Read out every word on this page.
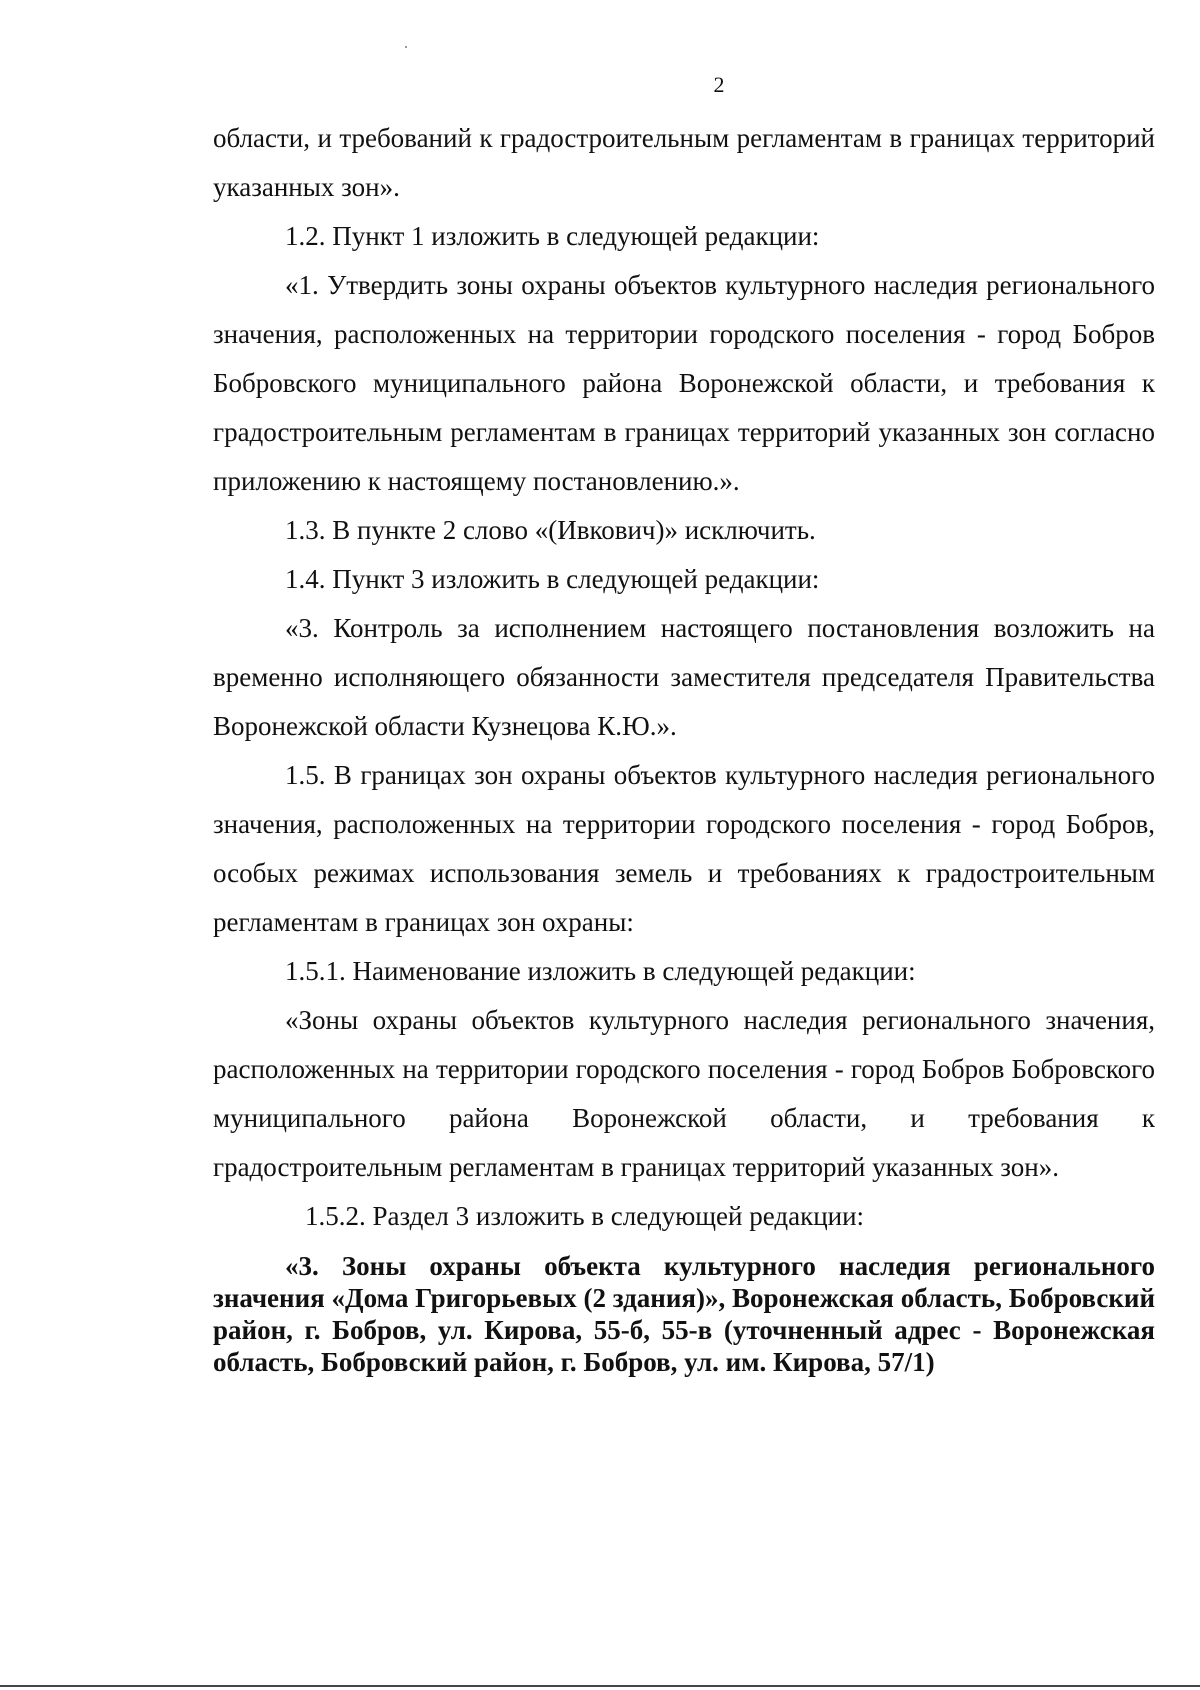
2

области, и требований к градостроительным регламентам в границах территорий указанных зон».

1.2. Пункт 1 изложить в следующей редакции:

«1. Утвердить зоны охраны объектов культурного наследия регионального значения, расположенных на территории городского поселения - город Бобров Бобровского муниципального района Воронежской области, и требования к градостроительным регламентам в границах территорий указанных зон согласно приложению к настоящему постановлению.».

1.3. В пункте 2 слово «(Ивкович)» исключить.

1.4. Пункт 3 изложить в следующей редакции:

«3. Контроль за исполнением настоящего постановления возложить на временно исполняющего обязанности заместителя председателя Правительства Воронежской области Кузнецова К.Ю.».

1.5. В границах зон охраны объектов культурного наследия регионального значения, расположенных на территории городского поселения - город Бобров, особых режимах использования земель и требованиях к градостроительным регламентам в границах зон охраны:

1.5.1. Наименование изложить в следующей редакции:

«Зоны охраны объектов культурного наследия регионального значения, расположенных на территории городского поселения - город Бобров Бобровского муниципального района Воронежской области, и требования к градостроительным регламентам в границах территорий указанных зон».

1.5.2. Раздел 3 изложить в следующей редакции:

«3. Зоны охраны объекта культурного наследия регионального значения «Дома Григорьевых (2 здания)», Воронежская область, Бобровский район, г. Бобров, ул. Кирова, 55-б, 55-в (уточненный адрес - Воронежская область, Бобровский район, г. Бобров, ул. им. Кирова, 57/1)
